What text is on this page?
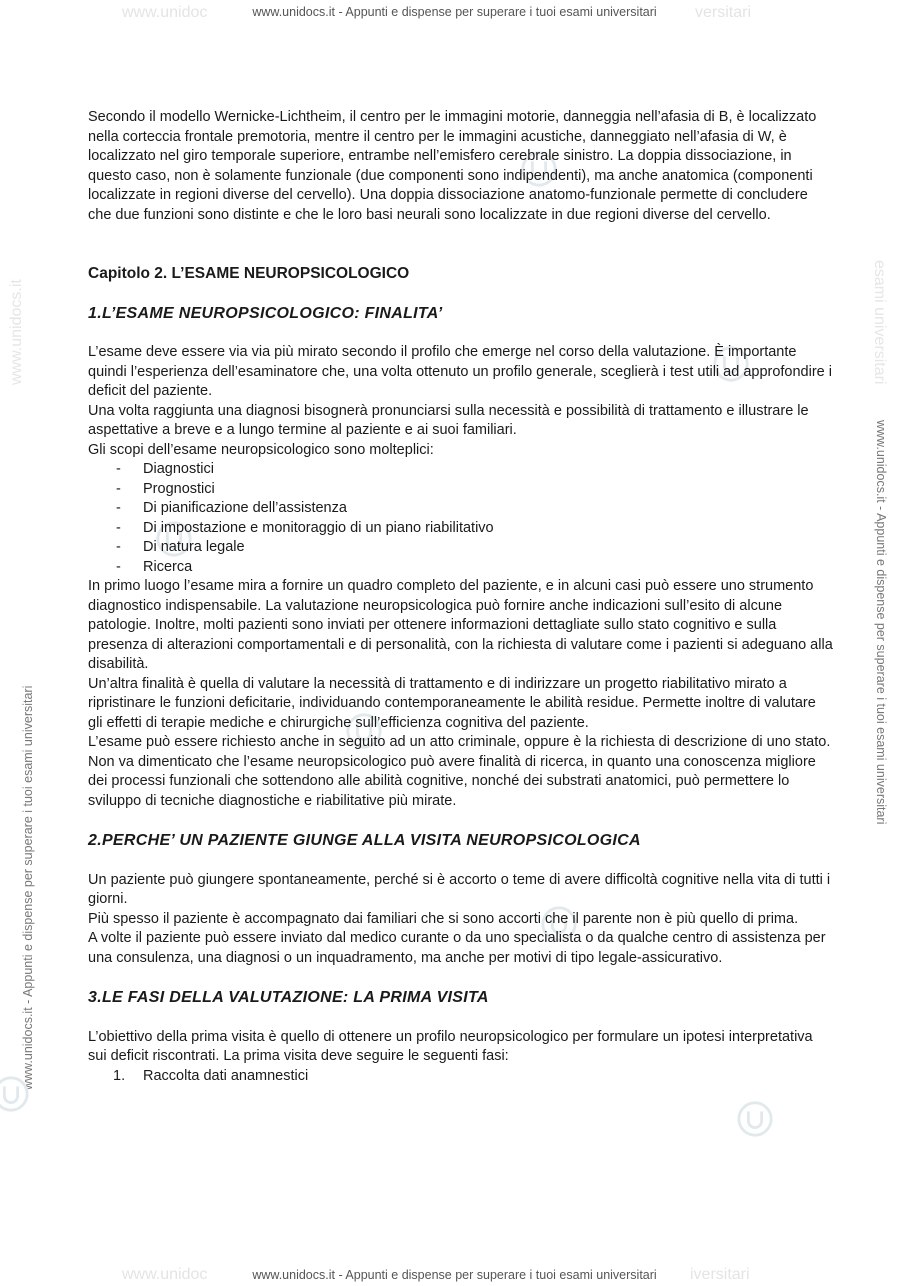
www.unidoc	versitari
www.unidoc	iversitari
www.unidocs.it	esami universitari
www.unidocs.it - Appunti e dispense per superare i tuoi esami universitari
www.unidocs.it - Appunti e dispense per superare i tuoi esami universitari
www.unidocs.it - Appunti e dispense per superare i tuoi esami universitari
www.unidocs.it - Appunti e dispense per superare i tuoi esami universitari

Secondo il modello Wernicke-Lichtheim, il centro per le immagini motorie, danneggia nell’afasia di B, è localizzato nella corteccia frontale premotoria, mentre il centro per le immagini acustiche, danneggiato nell’afasia di W, è localizzato nel giro temporale superiore, entrambe nell’emisfero cerebrale sinistro. La doppia dissociazione, in questo caso, non è solamente funzionale (due componenti sono indipendenti), ma anche anatomica (componenti localizzate in regioni diverse del cervello). Una doppia dissociazione anatomo-funzionale permette di concludere che due funzioni sono distinte e che le loro basi neurali sono localizzate in due regioni diverse del cervello.

Capitolo 2. L’ESAME NEUROPSICOLOGICO
1.L’ESAME NEUROPSICOLOGICO: FINALITA’

L’esame deve essere via via più mirato secondo il profilo che emerge nel corso della valutazione. È importante quindi l’esperienza dell’esaminatore che, una volta ottenuto un profilo generale, sceglierà i test utili ad approfondire i deficit del paziente.

Una volta raggiunta una diagnosi bisognerà pronunciarsi sulla necessità e possibilità di trattamento e illustrare le aspettative a breve e a lungo termine al paziente e ai suoi familiari.

Gli scopi dell’esame neuropsicologico sono molteplici:

- Diagnostici
- Prognostici
- Di pianificazione dell’assistenza
- Di impostazione e monitoraggio di un piano riabilitativo
- Di natura legale
- Ricerca

In primo luogo l’esame mira a fornire un quadro completo del paziente, e in alcuni casi può essere uno strumento diagnostico indispensabile. La valutazione neuropsicologica può fornire anche indicazioni sull’esito di alcune patologie. Inoltre, molti pazienti sono inviati per ottenere informazioni dettagliate sullo stato cognitivo e sulla presenza di alterazioni comportamentali e di personalità, con la richiesta di valutare come i pazienti si adeguano alla disabilità.

Un’altra finalità è quella di valutare la necessità di trattamento e di indirizzare un progetto riabilitativo mirato a ripristinare le funzioni deficitarie, individuando contemporaneamente le abilità residue. Permette inoltre di valutare gli effetti di terapie mediche e chirurgiche sull’efficienza cognitiva del paziente.

L’esame può essere richiesto anche in seguito ad un atto criminale, oppure è la richiesta di descrizione di uno stato.

Non va dimenticato che l’esame neuropsicologico può avere finalità di ricerca, in quanto una conoscenza migliore dei processi funzionali che sottendono alle abilità cognitive, nonché dei substrati anatomici, può permettere lo sviluppo di tecniche diagnostiche e riabilitative più mirate.

2.PERCHE’ UN PAZIENTE GIUNGE ALLA VISITA NEUROPSICOLOGICA

Un paziente può giungere spontaneamente, perché si è accorto o teme di avere difficoltà cognitive nella vita di tutti i giorni.

Più spesso il paziente è accompagnato dai familiari che si sono accorti che il parente non è più quello di prima.

A volte il paziente può essere inviato dal medico curante o da uno specialista o da qualche centro di assistenza per una consulenza, una diagnosi o un inquadramento, ma anche per motivi di tipo legale-assicurativo.

3.LE FASI DELLA VALUTAZIONE: LA PRIMA VISITA

L’obiettivo della prima visita è quello di ottenere un profilo neuropsicologico per formulare un ipotesi interpretativa sui deficit riscontrati. La prima visita deve seguire le seguenti fasi:

1. Raccolta dati anamnestici
